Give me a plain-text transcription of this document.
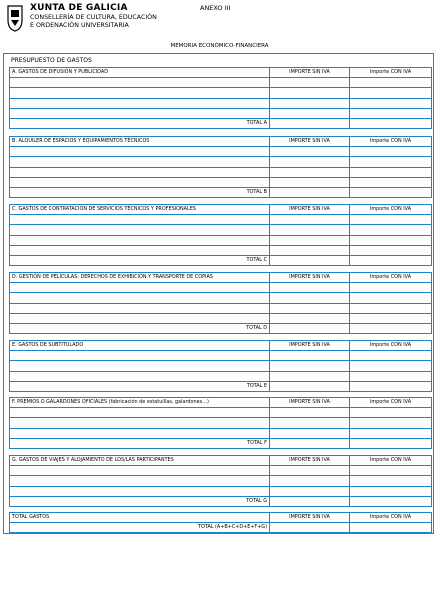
XUNTA DE GALICIA
CONSELLERÍA DE CULTURA, EDUCACIÓN
E ORDENACIÓN UNIVERSITARIA
ANEXO III
MEMORIA ECONÓMICO-FINANCIERA
PRESUPUESTO DE GASTOS
A. GASTOS DE DIFUSIÓN Y PUBLICIDAD	IMPORTE SIN IVA	Importe CON IVA

TOTAL A		
B. ALQUILER DE ESPACIOS Y EQUIPAMIENTOS TÉCNICOS	IMPORTE SIN IVA	Importe CON IVA

TOTAL B		
C. GASTOS DE CONTRATACIÓN DE SERVICIOS TÉCNICOS Y PROFESIONALES	IMPORTE SIN IVA	Importe CON IVA

TOTAL C		
D. GESTIÓN DE PELÍCULAS: DERECHOS DE EXHIBICIÓN Y TRANSPORTE DE COPIAS	IMPORTE SIN IVA	Importe CON IVA

TOTAL D		
E. GASTOS DE SUBTITULADO	IMPORTE SIN IVA	Importe CON IVA

TOTAL E		
F. PREMIOS O GALARDONES OFICIALES (fabricación de estatuillas, galardones…)	IMPORTE SIN IVA	Importe CON IVA

TOTAL F		
G. GASTOS DE VIAJES Y ALOJAMIENTO DE LOS/LAS PARTICIPANTES	IMPORTE SIN IVA	Importe CON IVA

TOTAL G		
TOTAL GASTOS	IMPORTE SIN IVA	Importe CON IVA
TOTAL (A+B+C+D+E+F+G)		
